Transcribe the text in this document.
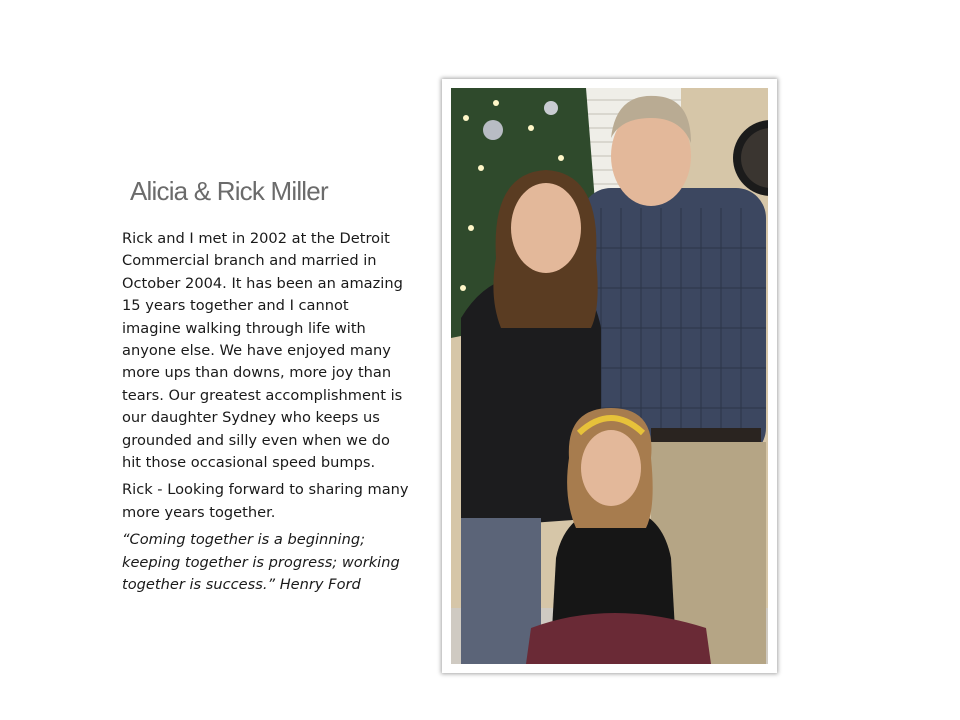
Alicia & Rick Miller

Rick and I met in 2002 at the Detroit Commercial branch and married in October 2004. It has been an amazing 15 years together and I cannot imagine walking through life with anyone else. We have enjoyed many more ups than downs, more joy than tears. Our greatest accomplishment is our daughter Sydney who keeps us grounded and silly even when we do hit those occasional speed bumps.

Rick - Looking forward to sharing many more years together.

“Coming together is a beginning; keeping together is progress; working together is success.” Henry Ford
